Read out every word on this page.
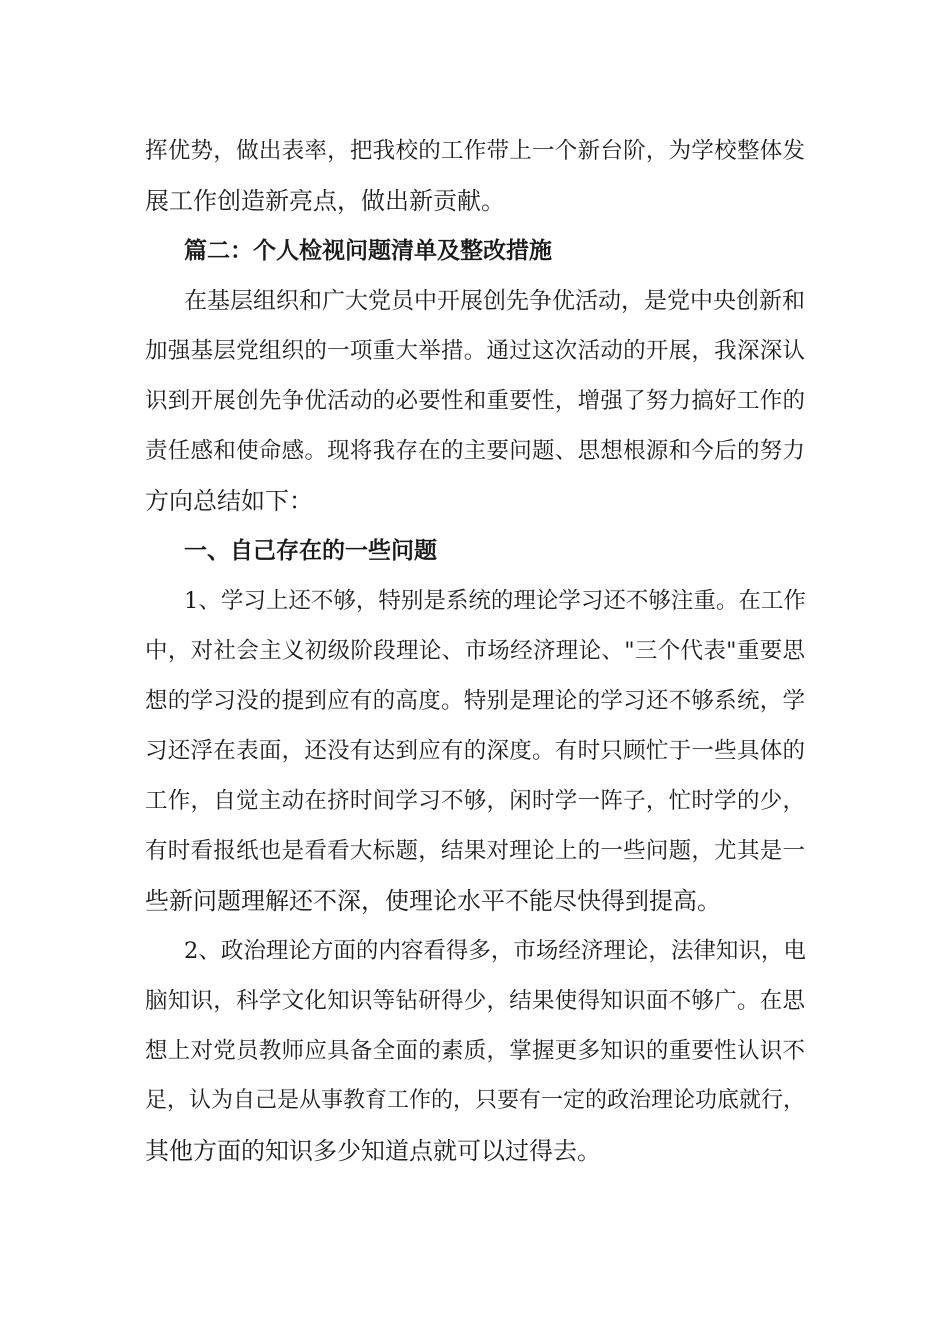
挥优势，做出表率，把我校的工作带上一个新台阶，为学校整体发
展工作创造新亮点，做出新贡献。
篇二：个人检视问题清单及整改措施
在基层组织和广大党员中开展创先争优活动，是党中央创新和
加强基层党组织的一项重大举措。通过这次活动的开展，我深深认
识到开展创先争优活动的必要性和重要性，增强了努力搞好工作的
责任感和使命感。现将我存在的主要问题、思想根源和今后的努力
方向总结如下：
一、自己存在的一些问题
1、学习上还不够，特别是系统的理论学习还不够注重。在工作
中，对社会主义初级阶段理论、市场经济理论、"三个代表"重要思
想的学习没的提到应有的高度。特别是理论的学习还不够系统，学
习还浮在表面，还没有达到应有的深度。有时只顾忙于一些具体的
工作，自觉主动在挤时间学习不够，闲时学一阵子，忙时学的少，
有时看报纸也是看看大标题，结果对理论上的一些问题，尤其是一
些新问题理解还不深，使理论水平不能尽快得到提高。
2、政治理论方面的内容看得多，市场经济理论，法律知识，电
脑知识，科学文化知识等钻研得少，结果使得知识面不够广。在思
想上对党员教师应具备全面的素质，掌握更多知识的重要性认识不
足，认为自己是从事教育工作的，只要有一定的政治理论功底就行，
其他方面的知识多少知道点就可以过得去。
